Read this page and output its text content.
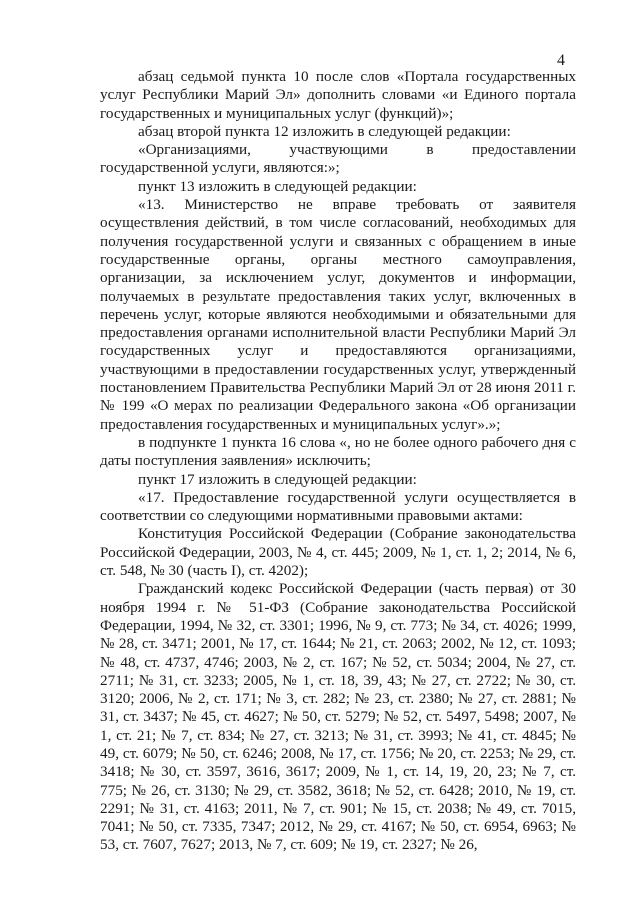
4

абзац седьмой пункта 10 после слов «Портала государственных услуг Республики Марий Эл» дополнить словами «и Единого портала государственных и муниципальных услуг (функций)»;

абзац второй пункта 12 изложить в следующей редакции:

«Организациями, участвующими в предоставлении государственной услуги, являются:»;

пункт 13 изложить в следующей редакции:

«13. Министерство не вправе требовать от заявителя осуществления действий, в том числе согласований, необходимых для получения государственной услуги и связанных с обращением в иные государственные органы, органы местного самоуправления, организации, за исключением услуг, документов и информации, получаемых в результате предоставления таких услуг, включенных в перечень услуг, которые являются необходимыми и обязательными для предоставления органами исполнительной власти Республики Марий Эл государственных услуг и предоставляются организациями, участвующими в предоставлении государственных услуг, утвержденный постановлением Правительства Республики Марий Эл от 28 июня 2011 г. № 199 «О мерах по реализации Федерального закона «Об организации предоставления государственных и муниципальных услуг».»;

в подпункте 1 пункта 16 слова «, но не более одного рабочего дня с даты поступления заявления» исключить;

пункт 17 изложить в следующей редакции:

«17. Предоставление государственной услуги осуществляется в соответствии со следующими нормативными правовыми актами:

Конституция Российской Федерации (Собрание законодательства Российской Федерации, 2003, № 4, ст. 445; 2009, № 1, ст. 1, 2; 2014, № 6, ст. 548, № 30 (часть I), ст. 4202);

Гражданский кодекс Российской Федерации (часть первая) от 30 ноября 1994 г. № 51-ФЗ (Собрание законодательства Российской Федерации, 1994, № 32, ст. 3301; 1996, № 9, ст. 773; № 34, ст. 4026; 1999, № 28, ст. 3471; 2001, № 17, ст. 1644; № 21, ст. 2063; 2002, № 12, ст. 1093; № 48, ст. 4737, 4746; 2003, № 2, ст. 167; № 52, ст. 5034; 2004, № 27, ст. 2711; № 31, ст. 3233; 2005, № 1, ст. 18, 39, 43; № 27, ст. 2722; № 30, ст. 3120; 2006, № 2, ст. 171; № 3, ст. 282; № 23, ст. 2380; № 27, ст. 2881; № 31, ст. 3437; № 45, ст. 4627; № 50, ст. 5279; № 52, ст. 5497, 5498; 2007, № 1, ст. 21; № 7, ст. 834; № 27, ст. 3213; № 31, ст. 3993; № 41, ст. 4845; № 49, ст. 6079; № 50, ст. 6246; 2008, № 17, ст. 1756; № 20, ст. 2253; № 29, ст. 3418; № 30, ст. 3597, 3616, 3617; 2009, № 1, ст. 14, 19, 20, 23; № 7, ст. 775; № 26, ст. 3130; № 29, ст. 3582, 3618; № 52, ст. 6428; 2010, № 19, ст. 2291; № 31, ст. 4163; 2011, № 7, ст. 901; № 15, ст. 2038; № 49, ст. 7015, 7041; № 50, ст. 7335, 7347; 2012, № 29, ст. 4167; № 50, ст. 6954, 6963; № 53, ст. 7607, 7627; 2013, № 7, ст. 609; № 19, ст. 2327; № 26,
